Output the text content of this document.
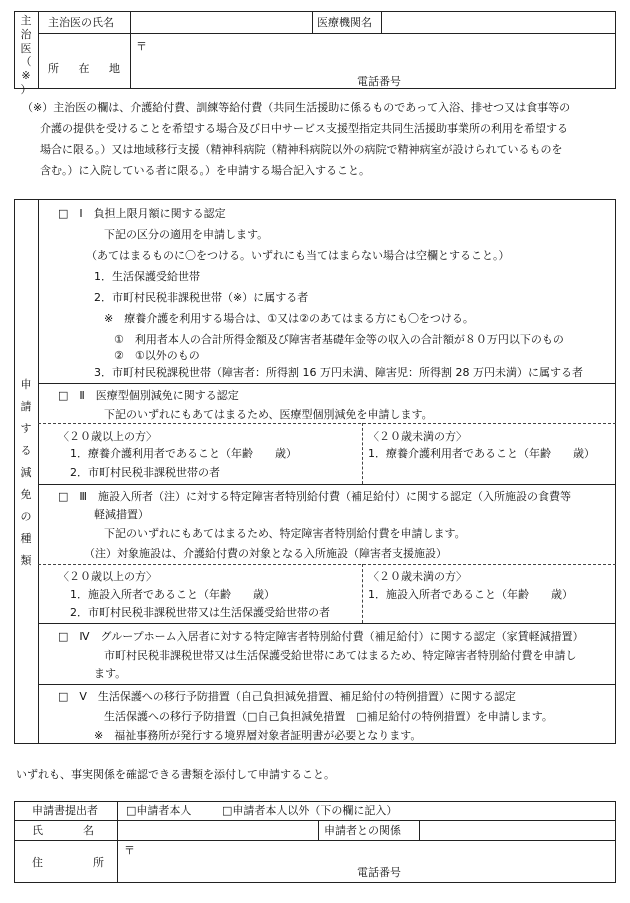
主
治
医
（
※
）
主治医の氏名	医療機関名
所 在 地
〒
電話番号
（※）主治医の欄は、介護給付費、訓練等給付費（共同生活援助に係るものであって入浴、排せつ又は食事等の
介護の提供を受けることを希望する場合及び日中サービス支援型指定共同生活援助事業所の利用を希望する
場合に限る。）又は地域移行支援（精神科病院（精神科病院以外の病院で精神病室が設けられているものを
含む。）に入院している者に限る。）を申請する場合記入すること。
申
請
す
る
減
免
の
種
類
□　Ⅰ　負担上限月額に関する認定
下記の区分の適用を申請します。
（あてはまるものに〇をつける。いずれにも当てはまらない場合は空欄とすること。）
1．生活保護受給世帯
2．市町村民税非課税世帯（※）に属する者
※　療養介護を利用する場合は、①又は②のあてはまる方にも〇をつける。
①　利用者本人の合計所得金額及び障害者基礎年金等の収入の合計額が８０万円以下のもの
②　①以外のもの
3．市町村民税課税世帯（障害者：所得割 16 万円未満、障害児：所得割 28 万円未満）に属する者
□　Ⅱ　医療型個別減免に関する認定
下記のいずれにもあてはまるため、医療型個別減免を申請します。
〈２０歳以上の方〉
1．療養介護利用者であること（年齢　　歳）
2．市町村民税非課税世帯の者
〈２０歳未満の方〉
1．療養介護利用者であること（年齢　　歳）
□　Ⅲ　施設入所者（注）に対する特定障害者特別給付費（補足給付）に関する認定（入所施設の食費等
軽減措置）
下記のいずれにもあてはまるため、特定障害者特別給付費を申請します。
（注）対象施設は、介護給付費の対象となる入所施設（障害者支援施設）
〈２０歳以上の方〉
1．施設入所者であること（年齢　　歳）
2．市町村民税非課税世帯又は生活保護受給世帯の者
〈２０歳未満の方〉
1．施設入所者であること（年齢　　歳）
□　Ⅳ　グループホーム入居者に対する特定障害者特別給付費（補足給付）に関する認定（家賃軽減措置）
市町村民税非課税世帯又は生活保護受給世帯にあてはまるため、特定障害者特別給付費を申請し
ます。
□　Ⅴ　生活保護への移行予防措置（自己負担減免措置、補足給付の特例措置）に関する認定
生活保護への移行予防措置（□自己負担減免措置　□補足給付の特例措置）を申請します。
※　福祉事務所が発行する境界層対象者証明書が必要となります。
いずれも、事実関係を確認できる書類を添付して申請すること。
申請書提出者	□申請者本人	□申請者本人以外（下の欄に記入）
氏	名	申請者との関係
住	所
〒
電話番号
